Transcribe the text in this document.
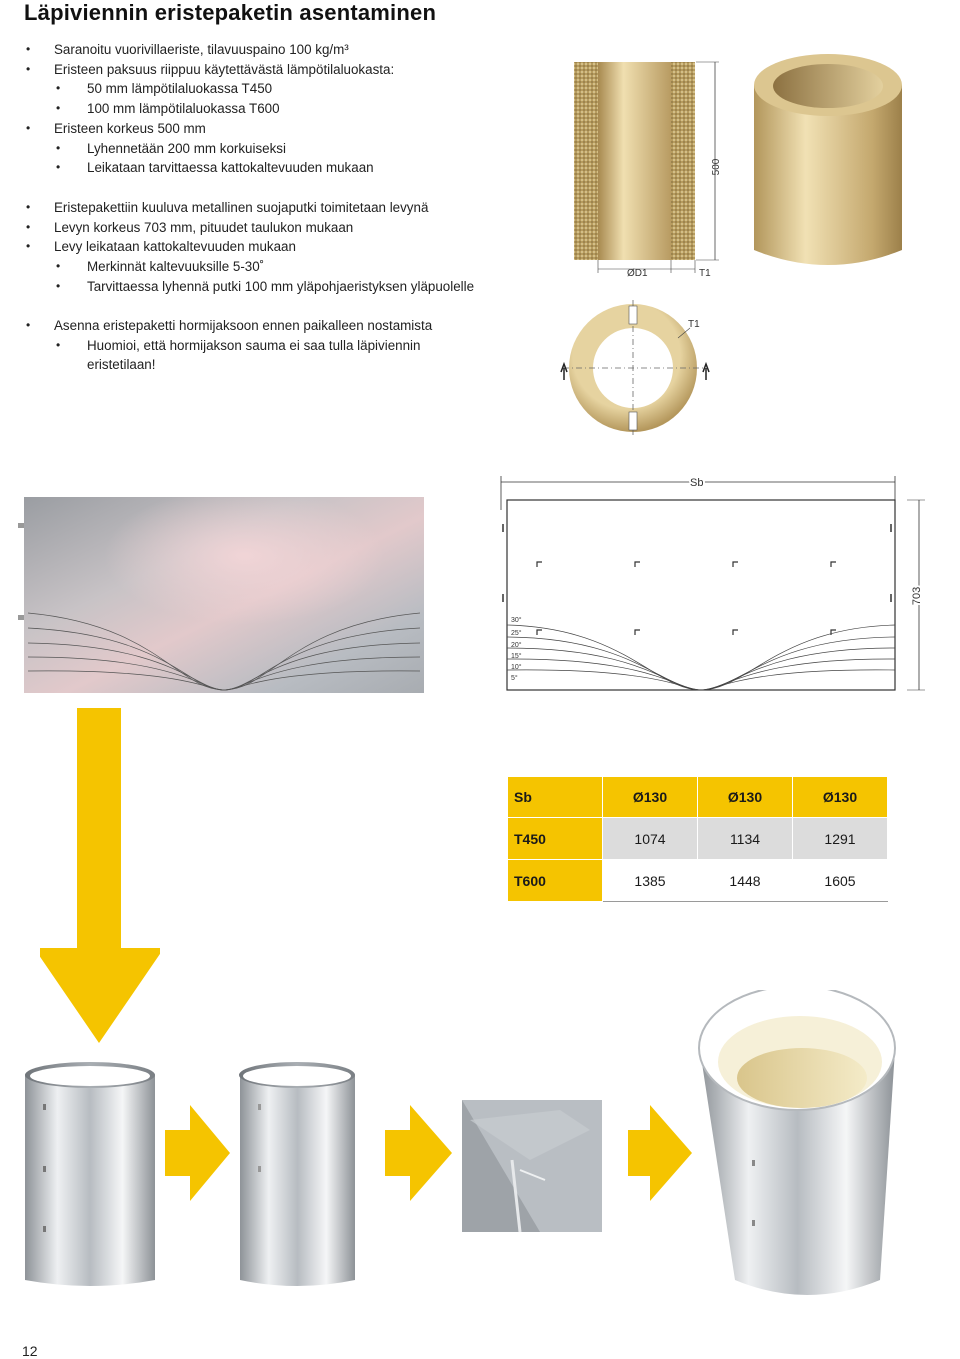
Läpiviennin eristepaketin asentaminen
• Saranoitu vuorivillaeriste, tilavuuspaino 100 kg/m³
• Eristeen paksuus riippuu käytettävästä lämpötilaluokasta:
• 50 mm lämpötilaluokassa T450
• 100 mm lämpötilaluokassa T600
• Eristeen korkeus 500 mm
• Lyhennetään 200 mm korkuiseksi
• Leikataan tarvittaessa kattokaltevuuden mukaan
• Eristepakettiin kuuluva metallinen suojaputki toimitetaan levynä
• Levyn korkeus 703 mm, pituudet taulukon mukaan
• Levy leikataan kattokaltevuuden mukaan
• Merkinnät kaltevuuksille 5-30˚
• Tarvittaessa lyhennä putki 100 mm yläpohjaeristyksen yläpuolelle
• Asenna eristepaketti hormijaksoon ennen paikalleen nostamista
• Huomioi, että hormijakson sauma ei saa tulla läpiviennin
eristetilaan!
500
ØD1	T1
T1
Sb
703
30°
25°
20°
15°
10°
5°
Sb	Ø130	Ø130	Ø130
T450	1074	1134	1291
T600	1385	1448	1605
12
